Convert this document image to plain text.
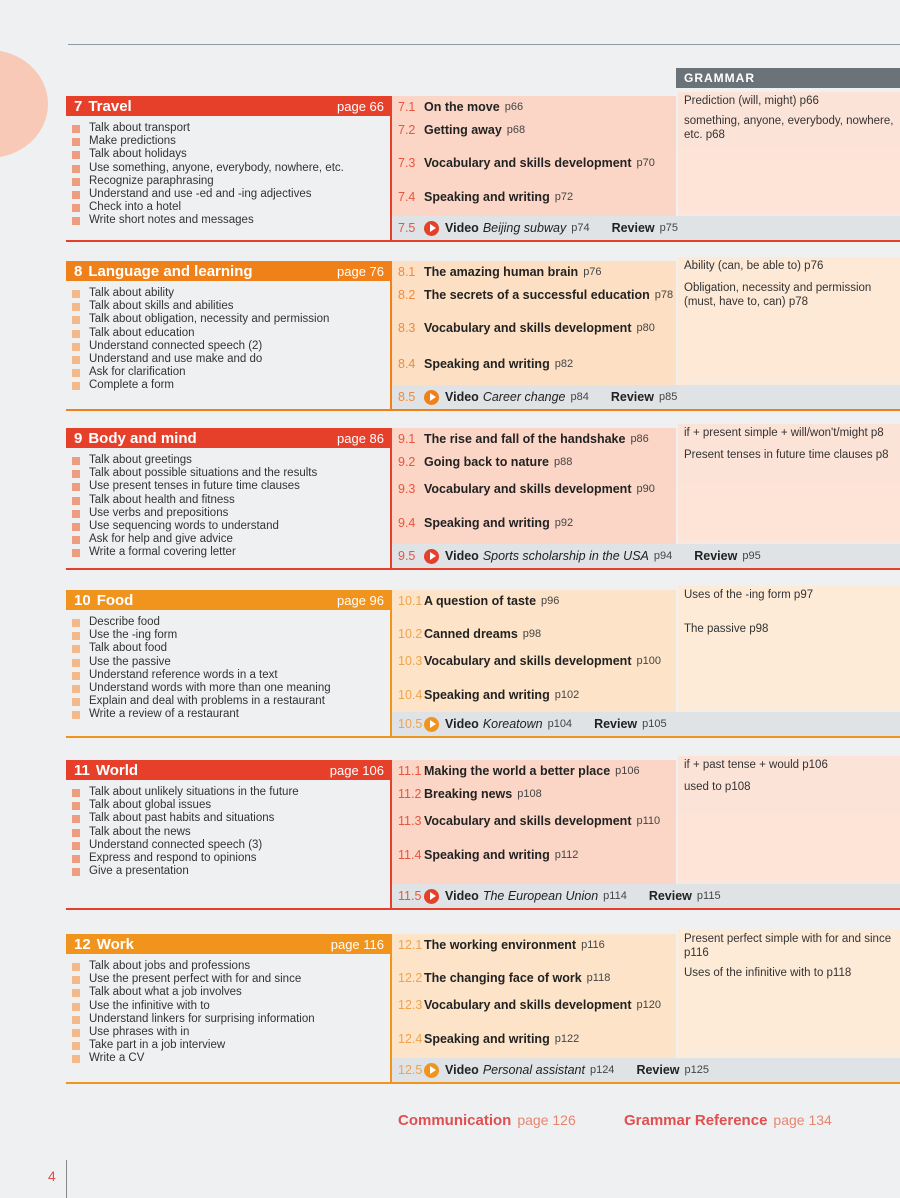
GRAMMAR
7 Travel	page 66
Talk about transport
Make predictions
Talk about holidays
Use something, anyone, everybody, nowhere, etc.
Recognize paraphrasing
Understand and use -ed and -ing adjectives
Check into a hotel
Write short notes and messages
7.1 On the move p66
7.2 Getting away p68
7.3 Vocabulary and skills development p70
7.4 Speaking and writing p72
Prediction (will, might) p66
something, anyone, everybody, nowhere, etc. p68
7.5	Video Beijing subway p74 Review p75
8 Language and learning	page 76
Talk about ability
Talk about skills and abilities
Talk about obligation, necessity and permission
Talk about education
Understand connected speech (2)
Understand and use make and do
Ask for clarification
Complete a form
8.1 The amazing human brain p76
8.2 The secrets of a successful education p78
8.3 Vocabulary and skills development p80
8.4 Speaking and writing p82
Ability (can, be able to) p76
Obligation, necessity and permission (must, have to, can) p78
8.5	Video Career change p84 Review p85
9 Body and mind	page 86
Talk about greetings
Talk about possible situations and the results
Use present tenses in future time clauses
Talk about health and fitness
Use verbs and prepositions
Use sequencing words to understand
Ask for help and give advice
Write a formal covering letter
9.1 The rise and fall of the handshake p86
9.2 Going back to nature p88
9.3 Vocabulary and skills development p90
9.4 Speaking and writing p92
if + present simple + will/won't/might p8
Present tenses in future time clauses p8
9.5	Video Sports scholarship in the USA p94 Review p95
10 Food	page 96
Describe food
Use the -ing form
Talk about food
Use the passive
Understand reference words in a text
Understand words with more than one meaning
Explain and deal with problems in a restaurant
Write a review of a restaurant
10.1 A question of taste p96
10.2 Canned dreams p98
10.3 Vocabulary and skills development p100
10.4 Speaking and writing p102
Uses of the -ing form p97
The passive p98
10.5 Video Koreatown p104 Review p105
11 World	page 106
Talk about unlikely situations in the future
Talk about global issues
Talk about past habits and situations
Talk about the news
Understand connected speech (3)
Express and respond to opinions
Give a presentation
11.1 Making the world a better place p106
11.2 Breaking news p108
11.3 Vocabulary and skills development p110
11.4 Speaking and writing p112
if + past tense + would p106
used to p108
11.5 Video The European Union p114 Review p115
12 Work	page 116
Talk about jobs and professions
Use the present perfect with for and since
Talk about what a job involves
Use the infinitive with to
Understand linkers for surprising information
Use phrases with in
Take part in a job interview
Write a CV
12.1 The working environment p116
12.2 The changing face of work p118
12.3 Vocabulary and skills development p120
12.4 Speaking and writing p122
Present perfect simple with for and since p116
Uses of the infinitive with to p118
12.5 Video Personal assistant p124 Review p125
Communication page 126	Grammar Reference page 134
4
